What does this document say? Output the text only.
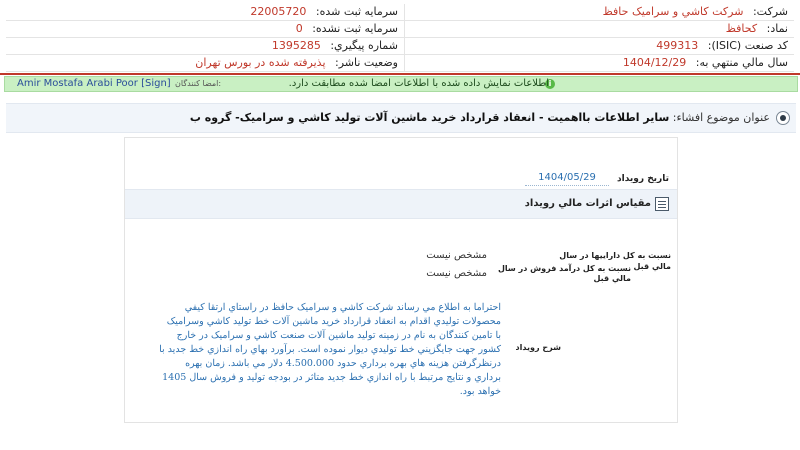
شرکت: شرکت کاشي و سراميک حافظ
سرمايه ثبت شده: 22005720
نماد: کحافظ
سرمايه ثبت نشده: 0
کد صنعت (ISIC): 499313
شماره پيگيري: 1395285
سال مالي منتهي به: 1404/12/29
وضعيت ناشر: پذيرفته شده در بورس تهران
i
اطلاعات نمايش داده شده با اطلاعات امضا شده مطابقت دارد.
امضا کنندگان:
Amir Mostafa Arabi Poor [Sign]
عنوان موضوع افشاء: ساير اطلاعات بااهميت - انعقاد قرارداد خريد ماشين آلات توليد کاشي و سراميک- گروه ب
تاريخ رويداد
1404/05/29
مقياس اثرات مالي رويداد
نسبت به کل داراييها در سال مالي قبل
مشخص نيست
نسبت به کل درآمد فروش در سال مالي قبل
مشخص نيست
شرح رويداد
احتراما به اطلاع مي رساند شرکت کاشي و سراميک حافظ در راستاي ارتقا کيفي محصولات توليدي اقدام به انعقاد قرارداد خريد ماشين آلات خط توليد کاشي وسراميک با تامين کنندگان به نام در زمينه توليد ماشين آلات صنعت کاشي و سراميک در خارج کشور جهت جايگزيني خط توليدي ديوار نموده است. برآورد بهاي راه اندازي خط جديد با درنظرگرفتن هزينه هاي بهره برداري حدود 4.500.000 دلار مي باشد. زمان بهره برداري و نتايج مرتبط با راه اندازي خط جديد متاثر در بودجه توليد و فروش سال 1405 خواهد بود.
